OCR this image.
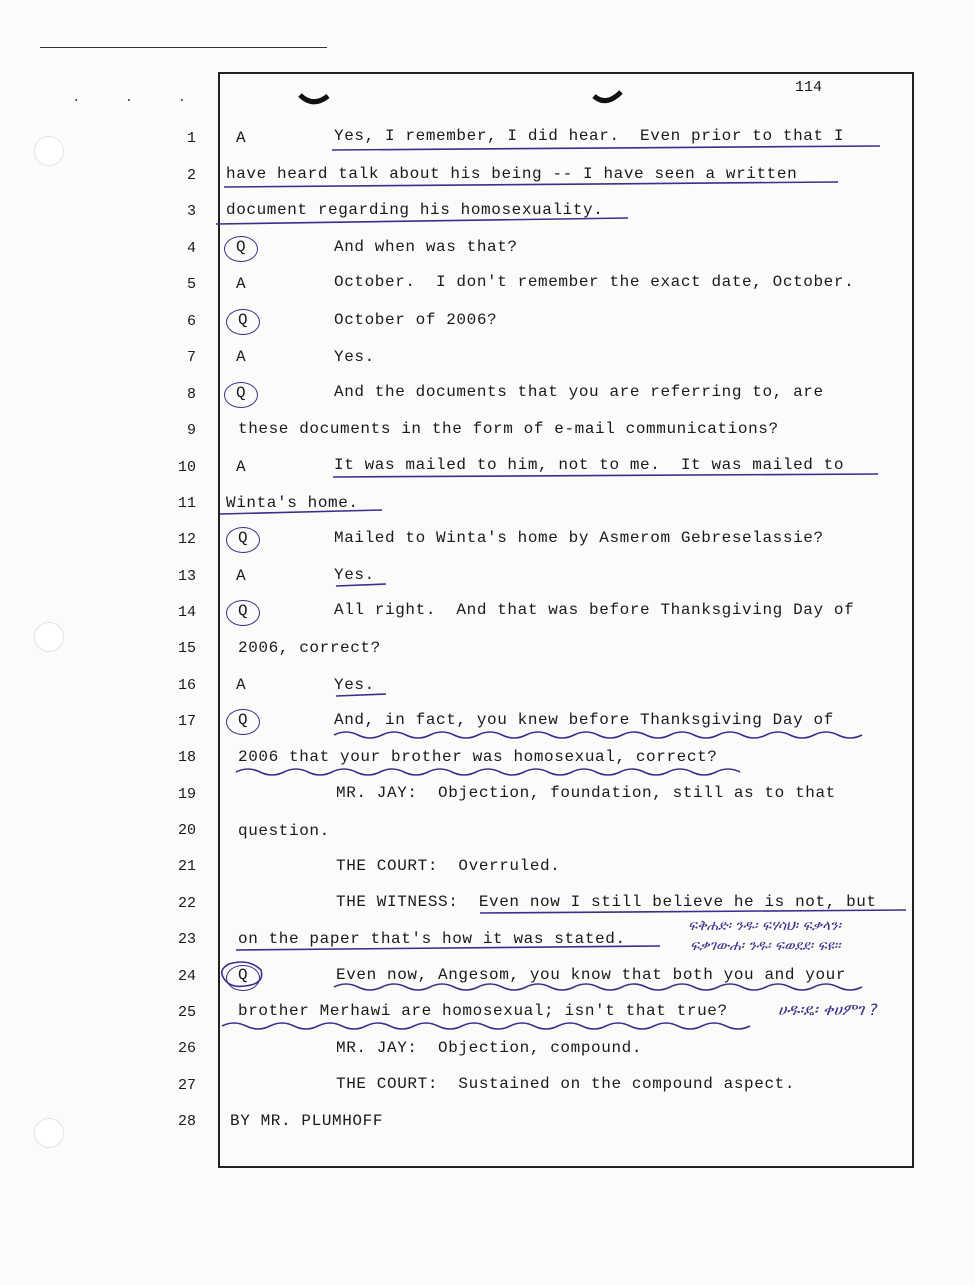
· · ·
114
1	A	Yes, I remember, I did hear.  Even prior to that I
2 have heard talk about his being -- I have seen a written
3 document regarding his homosexuality.
4	Q	And when was that?
5	A	October.  I don't remember the exact date, October.
6	Q	October of 2006?
7	A	Yes.
8	Q	And the documents that you are referring to, are
9	these documents in the form of e-mail communications?
10	A	It was mailed to him, not to me.  It was mailed to
11 Winta's home.
12	Q	Mailed to Winta's home by Asmerom Gebreselassie?
13	A	Yes.
14	Q	All right.  And that was before Thanksgiving Day of
15	2006, correct?
16	A	Yes.
17	Q	And, in fact, you knew before Thanksgiving Day of
18	2006 that your brother was homosexual, correct?
19	MR. JAY:  Objection, foundation, still as to that
20	question.
21	THE COURT:  Overruled.
22	THE WITNESS:  Even now I still believe he is not, but
23	on the paper that's how it was stated.
24	Q	Even now, Angesom, you know that both you and your
25	brother Merhawi are homosexual; isn't that true?
26	MR. JAY:  Objection, compound.
27	THE COURT:  Sustained on the compound aspect.
28 BY MR. PLUMHOFF
ፍቅሐድ፡ ንዱ፡ ፍሃሳህ፡ ፍቃላን፡
ፍቃገውሐ፡ ንዱ፡ ፍወደደ፡ ፍዩ፡፡
ሀዱ፡ዴ፡ ቀሀምገ ?
